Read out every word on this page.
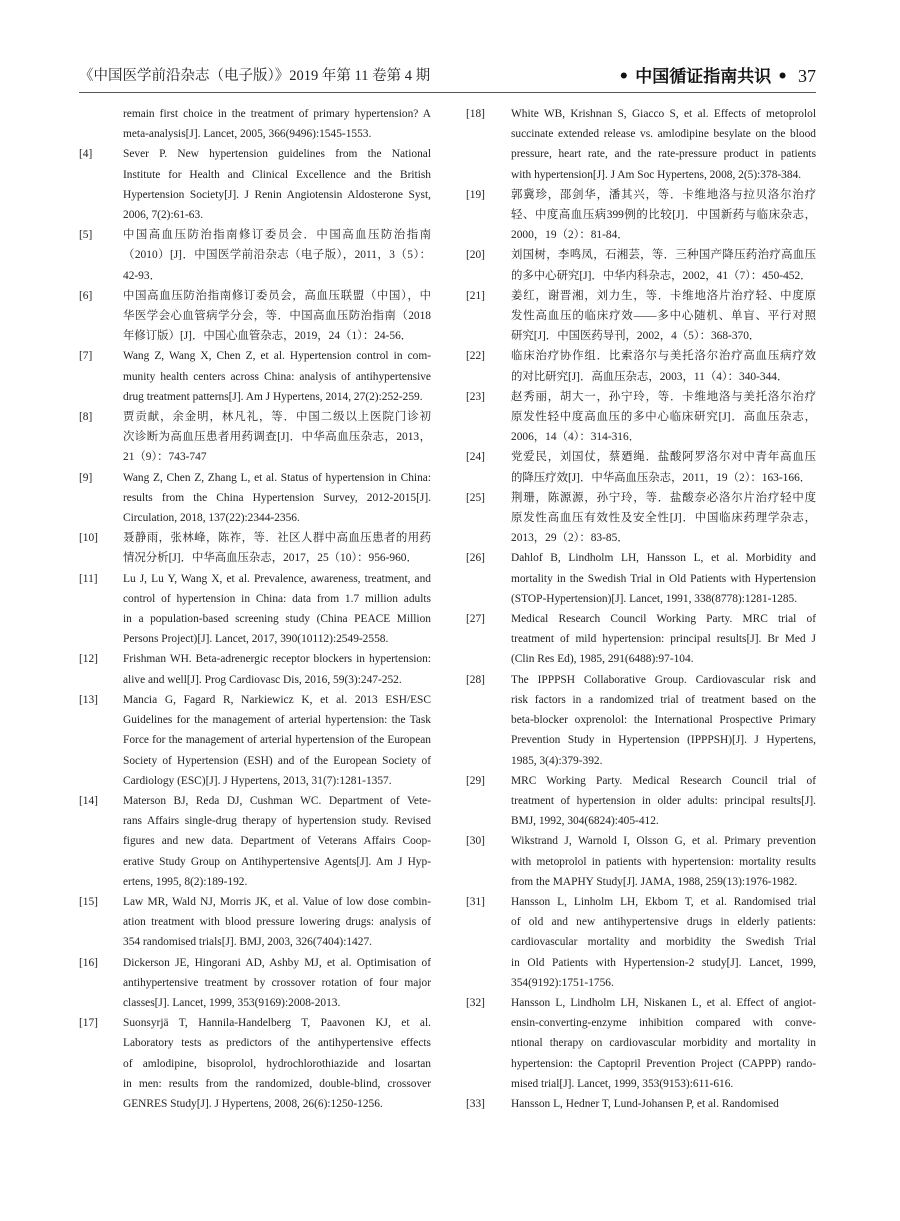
《中国医学前沿杂志（电子版）》2019 年第 11 卷第 4 期	• 中国循证指南共识 • 37
remain first choice in the treatment of primary hypertension? A
meta-analysis[J]. Lancet, 2005, 366(9496):1545-1553.
[4]	Sever P. New hypertension guidelines from the National
Institute for Health and Clinical Excellence and the British
Hypertension Society[J]. J Renin Angiotensin Aldosterone Syst,
2006, 7(2):61-63.
[5]	中国高血压防治指南修订委员会．中国高血压防治指南
（2010）[J]．中国医学前沿杂志（电子版），2011，3（5）：
42-93．
[6]	中国高血压防治指南修订委员会，高血压联盟（中国），中
华医学会心血管病学分会，等．中国高血压防治指南（2018
年修订版）[J]．中国心血管杂志，2019，24（1）：24-56．
[7]	Wang Z, Wang X, Chen Z, et al. Hypertension control in com-
munity health centers across China: analysis of antihypertensive
drug treatment patterns[J]. Am J Hypertens, 2014, 27(2):252-259.
[8]	贾贡献，余金明，林凡礼，等．中国二级以上医院门诊初
次诊断为高血压患者用药调查[J]．中华高血压杂志，2013，
21（9）：743-747
[9]	Wang Z, Chen Z, Zhang L, et al. Status of hypertension in China:
results from the China Hypertension Survey, 2012-2015[J].
Circulation, 2018, 137(22):2344-2356.
[10]	聂静雨，张林峰，陈祚，等．社区人群中高血压患者的用药
情况分析[J]．中华高血压杂志，2017，25（10）：956-960．
[11]	Lu J, Lu Y, Wang X, et al. Prevalence, awareness, treatment, and
control of hypertension in China: data from 1.7 million adults
in a population-based screening study (China PEACE Million
Persons Project)[J]. Lancet, 2017, 390(10112):2549-2558.
[12]	Frishman WH. Beta-adrenergic receptor blockers in hypertension:
alive and well[J]. Prog Cardiovasc Dis, 2016, 59(3):247-252.
[13]	Mancia G, Fagard R, Narkiewicz K, et al. 2013 ESH/ESC
Guidelines for the management of arterial hypertension: the Task
Force for the management of arterial hypertension of the European
Society of Hypertension (ESH) and of the European Society of
Cardiology (ESC)[J]. J Hypertens, 2013, 31(7):1281-1357.
[14]	Materson BJ, Reda DJ, Cushman WC. Department of Vete-
rans Affairs single-drug therapy of hypertension study. Revised
figures and new data. Department of Veterans Affairs Coop-
erative Study Group on Antihypertensive Agents[J]. Am J Hyp-
ertens, 1995, 8(2):189-192.
[15]	Law MR, Wald NJ, Morris JK, et al. Value of low dose combin-
ation treatment with blood pressure lowering drugs: analysis of
354 randomised trials[J]. BMJ, 2003, 326(7404):1427.
[16]	Dickerson JE, Hingorani AD, Ashby MJ, et al. Optimisation of
antihypertensive treatment by crossover rotation of four major
classes[J]. Lancet, 1999, 353(9169):2008-2013.
[17]	Suonsyrjä T, Hannila-Handelberg T, Paavonen KJ, et al.
Laboratory tests as predictors of the antihypertensive effects
of amlodipine, bisoprolol, hydrochlorothiazide and losartan
in men: results from the randomized, double-blind, crossover
GENRES Study[J]. J Hypertens, 2008, 26(6):1250-1256.
[18]	White WB, Krishnan S, Giacco S, et al. Effects of metoprolol
succinate extended release vs. amlodipine besylate on the blood
pressure, heart rate, and the rate-pressure product in patients
with hypertension[J]. J Am Soc Hypertens, 2008, 2(5):378-384.
[19]	郭冀珍，邵剑华，潘其兴，等．卡维地洛与拉贝洛尔治疗
轻、中度高血压病399例的比较[J]．中国新药与临床杂志，
2000，19（2）：81-84．
[20]	刘国树，李鸣凤，石湘芸，等．三种国产降压药治疗高血压
的多中心研究[J]．中华内科杂志，2002，41（7）：450-452．
[21]	姜红，谢晋湘，刘力生，等．卡维地洛片治疗轻、中度原
发性高血压的临床疗效——多中心随机、单盲、平行对照
研究[J]．中国医药导刊，2002，4（5）：368-370．
[22]	临床治疗协作组．比索洛尔与美托洛尔治疗高血压病疗效
的对比研究[J]．高血压杂志，2003，11（4）：340-344．
[23]	赵秀丽，胡大一，孙宁玲，等．卡维地洛与美托洛尔治疗
原发性轻中度高血压的多中心临床研究[J]．高血压杂志，
2006，14（4）：314-316．
[24]	党爱民，刘国仗，蔡廼绳．盐酸阿罗洛尔对中青年高血压
的降压疗效[J]．中华高血压杂志，2011，19（2）：163-166．
[25]	荆珊，陈源源，孙宁玲，等．盐酸奈必洛尔片治疗轻中度
原发性高血压有效性及安全性[J]．中国临床药理学杂志，
2013，29（2）：83-85．
[26]	Dahlof B, Lindholm LH, Hansson L, et al. Morbidity and
mortality in the Swedish Trial in Old Patients with Hypertension
(STOP-Hypertension)[J]. Lancet, 1991, 338(8778):1281-1285.
[27]	Medical Research Council Working Party. MRC trial of
treatment of mild hypertension: principal results[J]. Br Med J
(Clin Res Ed), 1985, 291(6488):97-104.
[28]	The IPPPSH Collaborative Group. Cardiovascular risk and
risk factors in a randomized trial of treatment based on the
beta-blocker oxprenolol: the International Prospective Primary
Prevention Study in Hypertension (IPPPSH)[J]. J Hypertens,
1985, 3(4):379-392.
[29]	MRC Working Party. Medical Research Council trial of
treatment of hypertension in older adults: principal results[J].
BMJ, 1992, 304(6824):405-412.
[30]	Wikstrand J, Warnold I, Olsson G, et al. Primary prevention
with metoprolol in patients with hypertension: mortality results
from the MAPHY Study[J]. JAMA, 1988, 259(13):1976-1982.
[31]	Hansson L, Linholm LH, Ekbom T, et al. Randomised trial
of old and new antihypertensive drugs in elderly patients:
cardiovascular mortality and morbidity the Swedish Trial
in Old Patients with Hypertension-2 study[J]. Lancet, 1999,
354(9192):1751-1756.
[32]	Hansson L, Lindholm LH, Niskanen L, et al. Effect of angiot-
ensin-converting-enzyme inhibition compared with conve-
ntional therapy on cardiovascular morbidity and mortality in
hypertension: the Captopril Prevention Project (CAPPP) rando-
mised trial[J]. Lancet, 1999, 353(9153):611-616.
[33]	Hansson L, Hedner T, Lund-Johansen P, et al. Randomised
